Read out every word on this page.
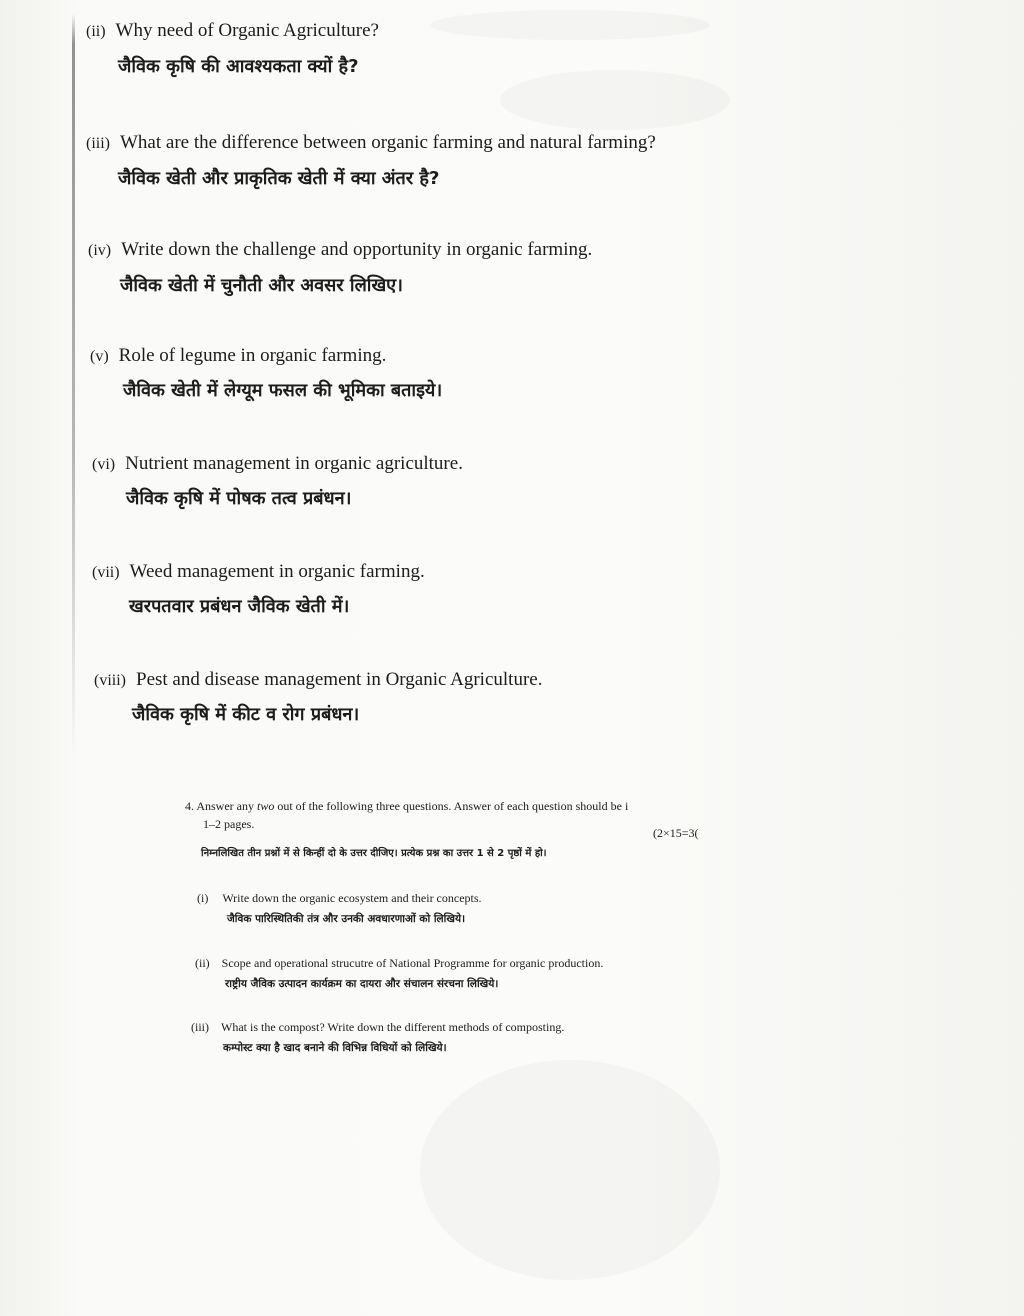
(ii) Why need of Organic Agriculture?
जैविक कृषि की आवश्यकता क्यों है?
(iii) What are the difference between organic farming and natural farming?
जैविक खेती और प्राकृतिक खेती में क्या अंतर है?
(iv) Write down the challenge and opportunity in organic farming.
जैविक खेती में चुनौती और अवसर लिखिए।
(v) Role of legume in organic farming.
जैविक खेती में लेग्यूम फसल की भूमिका बताइये।
(vi) Nutrient management in organic agriculture.
जैविक कृषि में पोषक तत्व प्रबंधन।
(vii) Weed management in organic farming.
खरपतवार प्रबंधन जैविक खेती में।
(viii) Pest and disease management in Organic Agriculture.
जैविक कृषि में कीट व रोग प्रबंधन।
4. Answer any two out of the following three questions. Answer of each question should be i
1–2 pages.
(2×15=3(
निम्नलिखित तीन प्रश्नों में से किन्हीं दो के उत्तर दीजिए। प्रत्येक प्रश्न का उत्तर 1 से 2 पृष्ठों में हो।
(i) Write down the organic ecosystem and their concepts.
जैविक पारिस्थितिकी तंत्र और उनकी अवधारणाओं को लिखिये।
(ii) Scope and operational strucutre of National Programme for organic production.
राष्ट्रीय जैविक उत्पादन कार्यक्रम का दायरा और संचालन संरचना लिखिये।
(iii) What is the compost? Write down the different methods of composting.
कम्पोस्ट क्या है खाद बनाने की विभिन्न विधियों को लिखिये।
